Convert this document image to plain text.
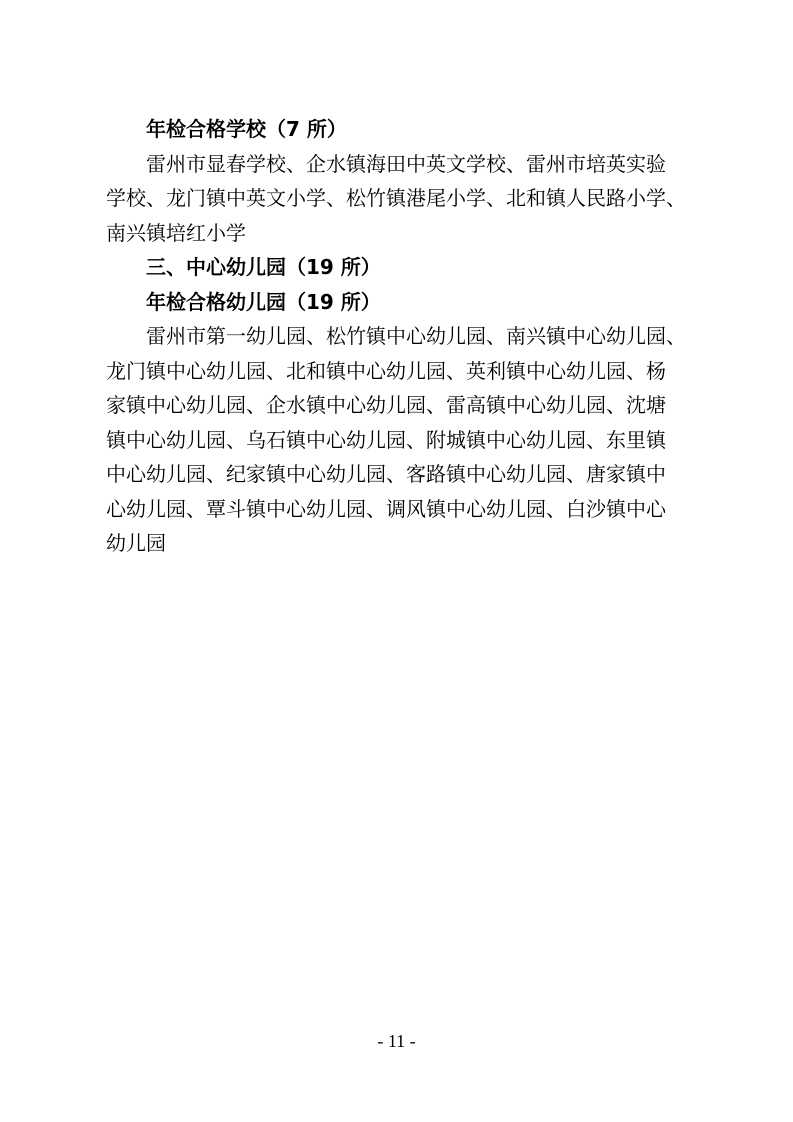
年检合格学校（7 所）

雷州市显春学校、企水镇海田中英文学校、雷州市培英实验

学校、龙门镇中英文小学、松竹镇港尾小学、北和镇人民路小学、

南兴镇培红小学

三、中心幼儿园（19 所）

年检合格幼儿园（19 所）

雷州市第一幼儿园、松竹镇中心幼儿园、南兴镇中心幼儿园、

龙门镇中心幼儿园、北和镇中心幼儿园、英利镇中心幼儿园、杨

家镇中心幼儿园、企水镇中心幼儿园、雷高镇中心幼儿园、沈塘

镇中心幼儿园、乌石镇中心幼儿园、附城镇中心幼儿园、东里镇

中心幼儿园、纪家镇中心幼儿园、客路镇中心幼儿园、唐家镇中

心幼儿园、覃斗镇中心幼儿园、调风镇中心幼儿园、白沙镇中心

幼儿园

- 11 -
